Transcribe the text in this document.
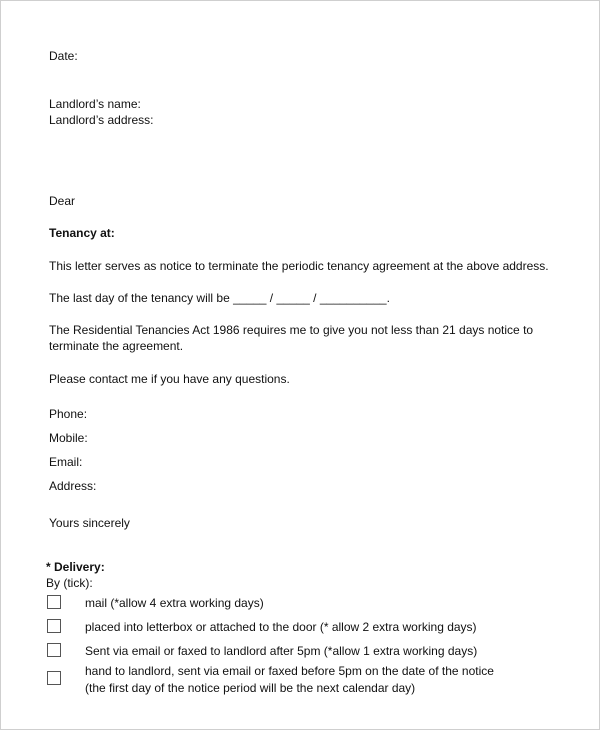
Date:

Landlord’s name:

Landlord’s address:

Dear

Tenancy at:

This letter serves as notice to terminate the periodic tenancy agreement at the above address.

The last day of the tenancy will be _____ / _____ / __________.

The Residential Tenancies Act 1986 requires me to give you not less than 21 days notice to

terminate the agreement.

Please contact me if you have any questions.

Phone:

Mobile:

Email:

Address:

Yours sincerely

* Delivery:

By (tick):

mail (*allow 4 extra working days)

placed into letterbox or attached to the door (* allow 2 extra working days)

Sent via email or faxed to landlord after 5pm (*allow 1 extra working days)

hand to landlord, sent via email or faxed before 5pm on the date of the notice

(the first day of the notice period will be the next calendar day)
